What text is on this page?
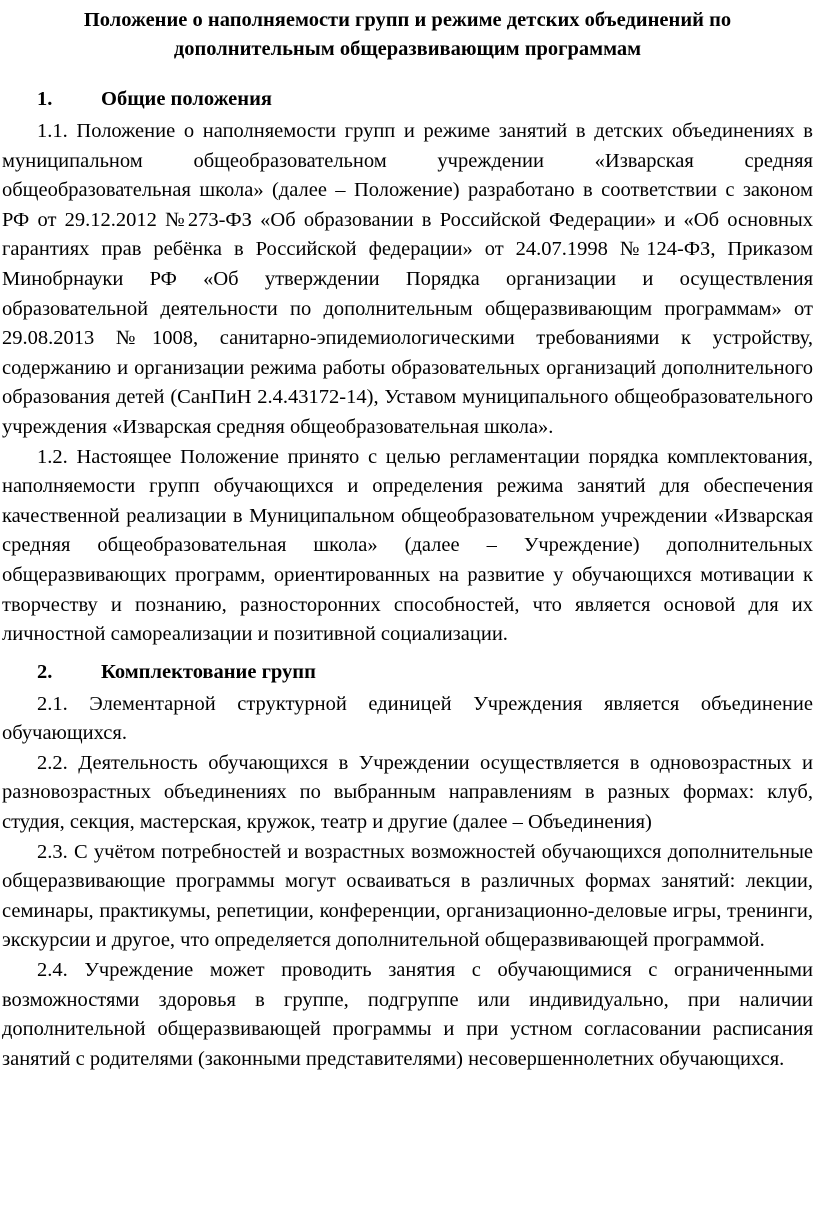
Положение о наполняемости групп и режиме детских объединений по
дополнительным общеразвивающим программам
1.	Общие положения

1.1. Положение о наполняемости групп и режиме занятий в детских объединениях в муниципальном общеобразовательном учреждении «Изварская средняя общеобразовательная школа» (далее – Положение) разработано в соответствии с законом РФ от 29.12.2012 №273-ФЗ «Об образовании в Российской Федерации» и «Об основных гарантиях прав ребёнка в Российской федерации» от 24.07.1998 №124-ФЗ, Приказом Минобрнауки РФ «Об утверждении Порядка организации и осуществления образовательной деятельности по дополнительным общеразвивающим программам» от 29.08.2013 №1008, санитарно-эпидемиологическими требованиями к устройству, содержанию и организации режима работы образовательных организаций дополнительного образования детей (СанПиН 2.4.43172-14), Уставом муниципального общеобразовательного учреждения «Изварская средняя общеобразовательная школа».

1.2. Настоящее Положение принято с целью регламентации порядка комплектования, наполняемости групп обучающихся и определения режима занятий для обеспечения качественной реализации в Муниципальном общеобразовательном учреждении «Изварская средняя общеобразовательная школа» (далее – Учреждение) дополнительных общеразвивающих программ, ориентированных на развитие у обучающихся мотивации к творчеству и познанию, разносторонних способностей, что является основой для их личностной самореализации и позитивной социализации.

2.	Комплектование групп

2.1. Элементарной структурной единицей Учреждения является объединение обучающихся.

2.2. Деятельность обучающихся в Учреждении осуществляется в одновозрастных и разновозрастных объединениях по выбранным направлениям в разных формах: клуб, студия, секция, мастерская, кружок, театр и другие (далее – Объединения)

2.3. С учётом потребностей и возрастных возможностей обучающихся дополнительные общеразвивающие программы могут осваиваться в различных формах занятий: лекции, семинары, практикумы, репетиции, конференции, организационно-деловые игры, тренинги, экскурсии и другое, что определяется дополнительной общеразвивающей программой.

2.4. Учреждение может проводить занятия с обучающимися с ограниченными возможностями здоровья в группе, подгруппе или индивидуально, при наличии дополнительной общеразвивающей программы и при устном согласовании расписания занятий с родителями (законными представителями) несовершеннолетних обучающихся.
